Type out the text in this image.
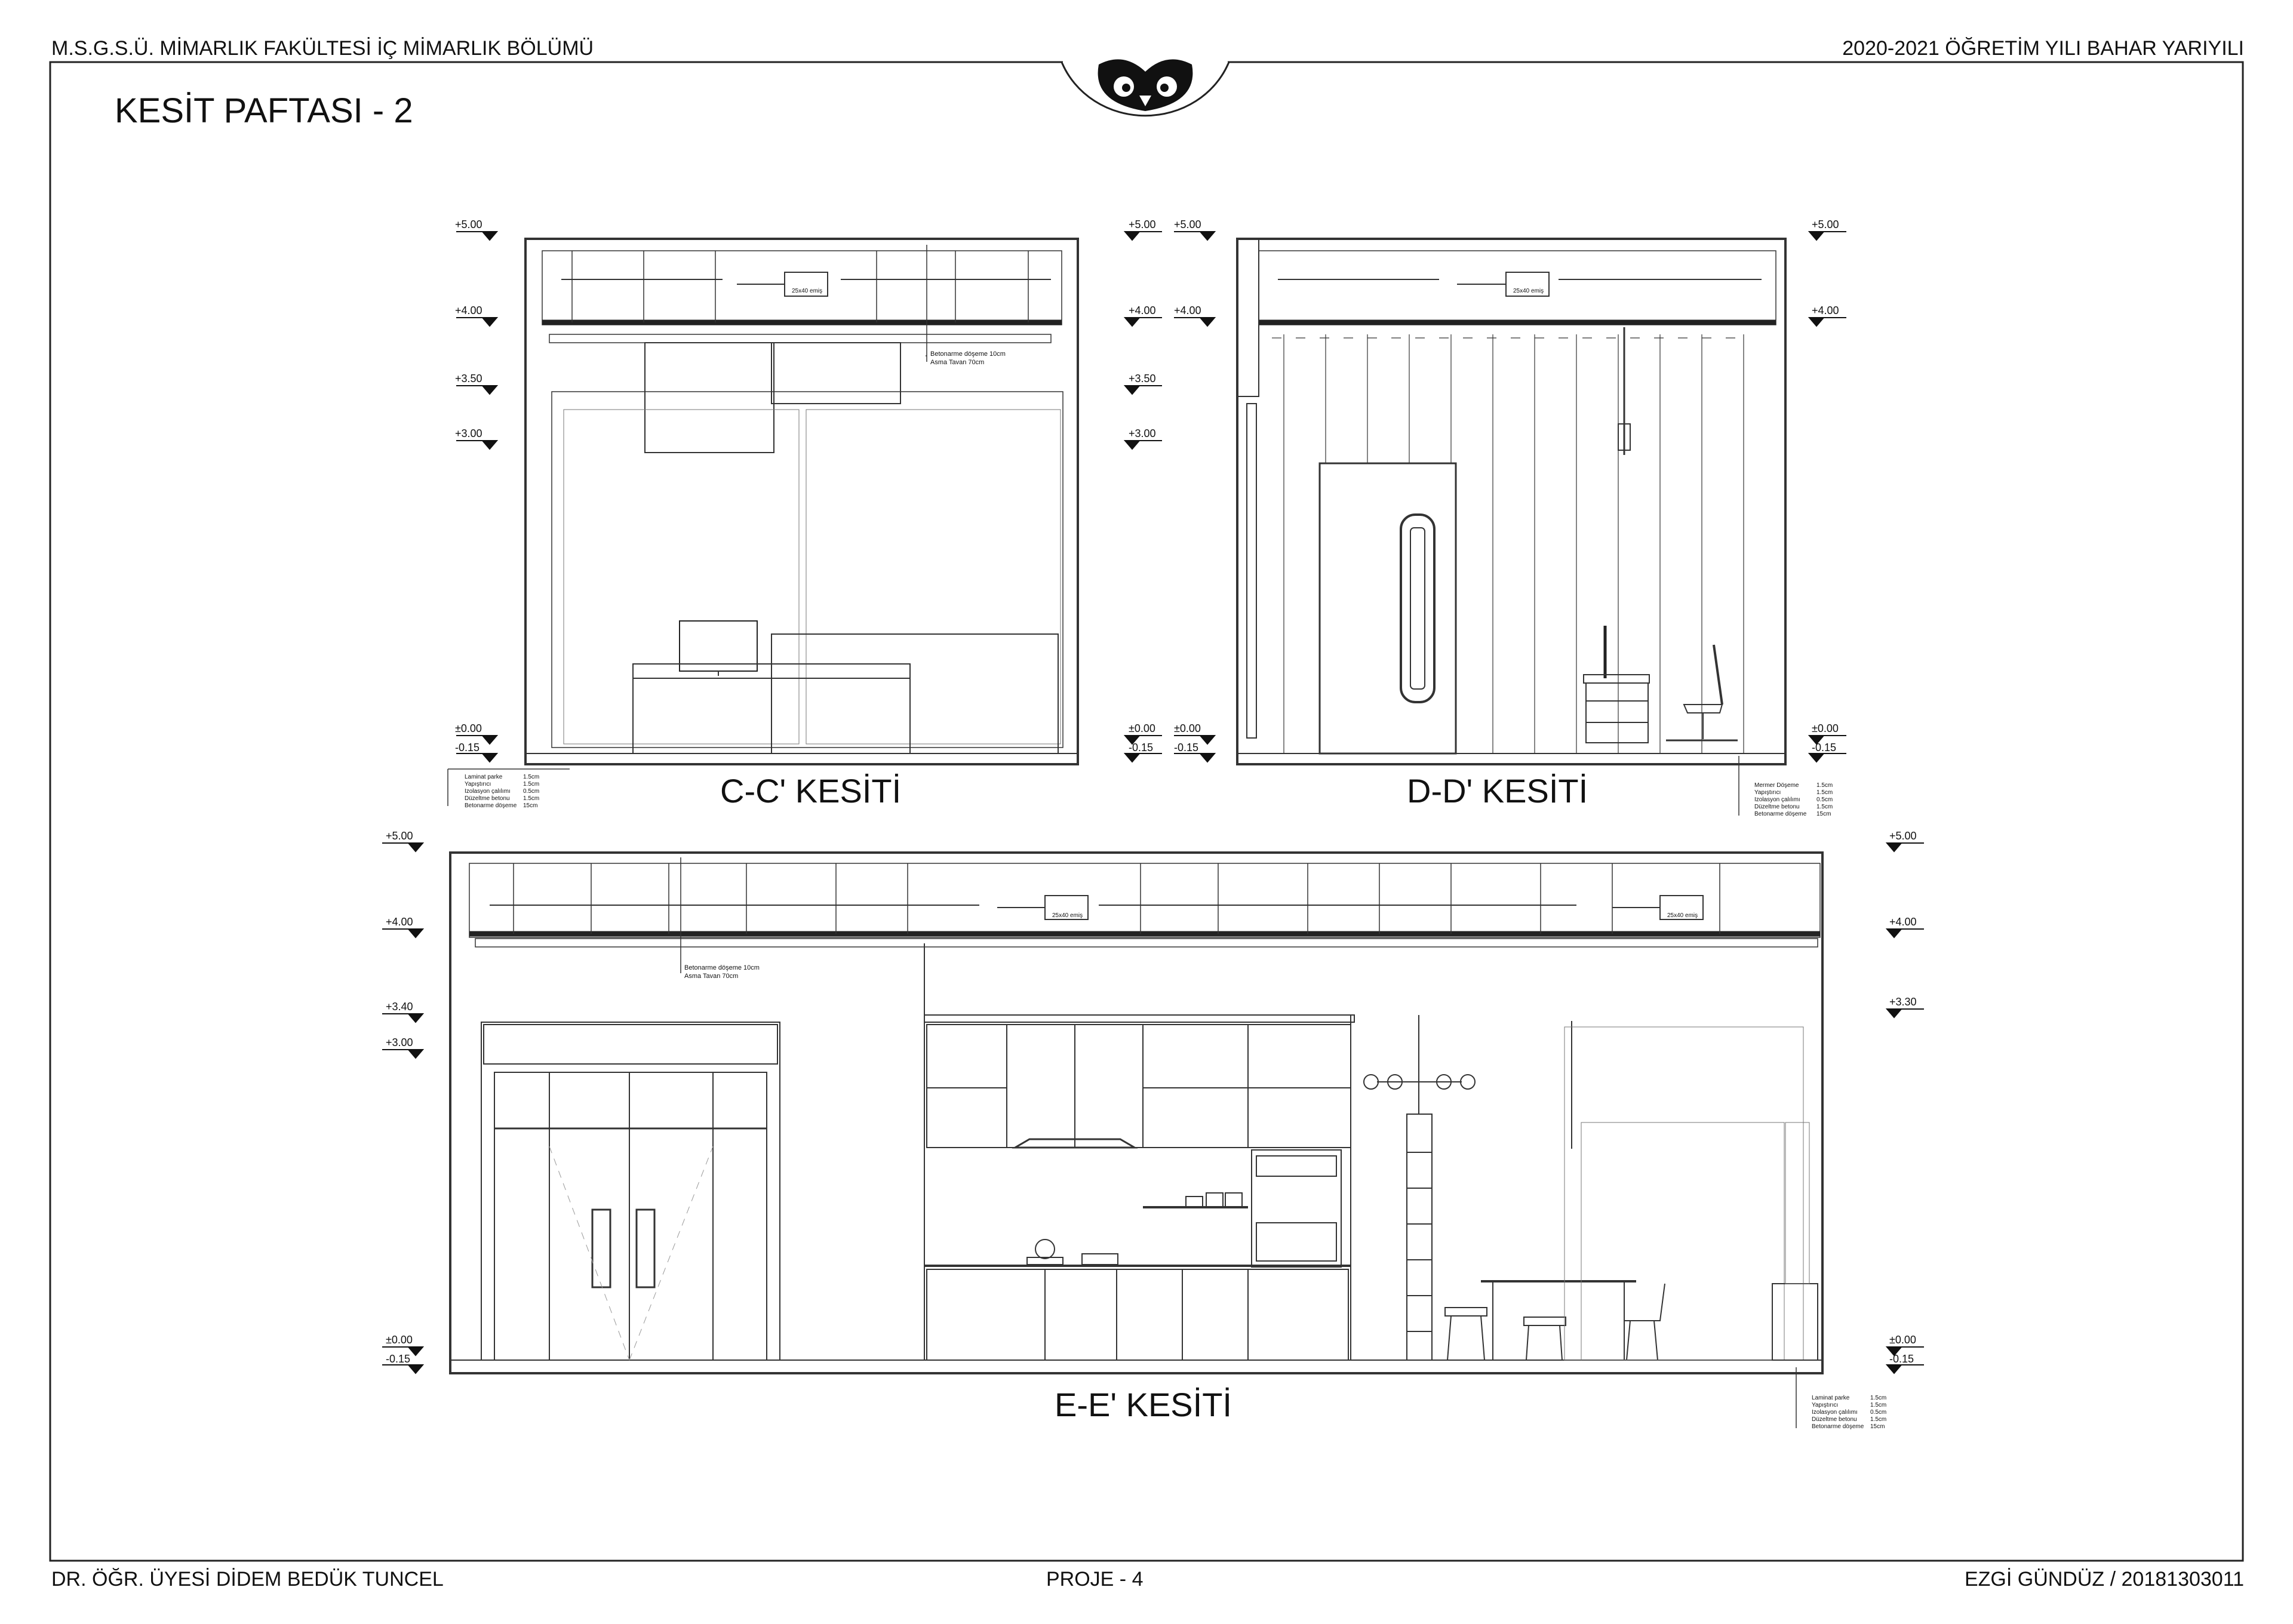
+5.00
+4.00
+3.50
+3.00
±0.00
-0.15
+5.00
+4.00
+3.50
+3.00
±0.00
-0.15
+5.00
+4.00
±0.00
-0.15
+5.00
+4.00
±0.00
-0.15
+5.00
+4.00
+3.40
+3.00
±0.00
-0.15
+5.00
+4.00
+3.30
±0.00
-0.15
25x40 emiş	25x40 emiş
25x40 emiş	25x40 emiş
Betonarme döşeme 10cm
Asma Tavan 70cm
Betonarme döşeme 10cm
Asma Tavan 70cm
Laminat parke	1.5cm
Yapıştırıcı	1.5cm
Izolasyon çalılımı 0.5cm
Düzeltme betonu 1.5cm
Betonarme döşeme 15cm
Mermer Döşeme	1.5cm
Yapıştırıcı	1.5cm
Izolasyon çalılımı	0.5cm
Düzeltme betonu	1.5cm
Betonarme döşeme 15cm
Laminat parke	1.5cm
Yapıştırıcı	1.5cm
Izolasyon çalılımı 0.5cm
Düzeltme betonu 1.5cm
Betonarme döşeme 15cm
M.S.G.S.Ü. MİMARLIK FAKÜLTESİ İÇ MİMARLIK BÖLÜMÜ	2020-2021 ÖĞRETİM YILI BAHAR YARIYILI
KESİT PAFTASI - 2
C-C' KESİTİ	D-D' KESİTİ
E-E' KESİTİ
DR. ÖĞR. ÜYESİ DİDEM BEDÜK TUNCEL	PROJE - 4	EZGİ GÜNDÜZ / 20181303011
